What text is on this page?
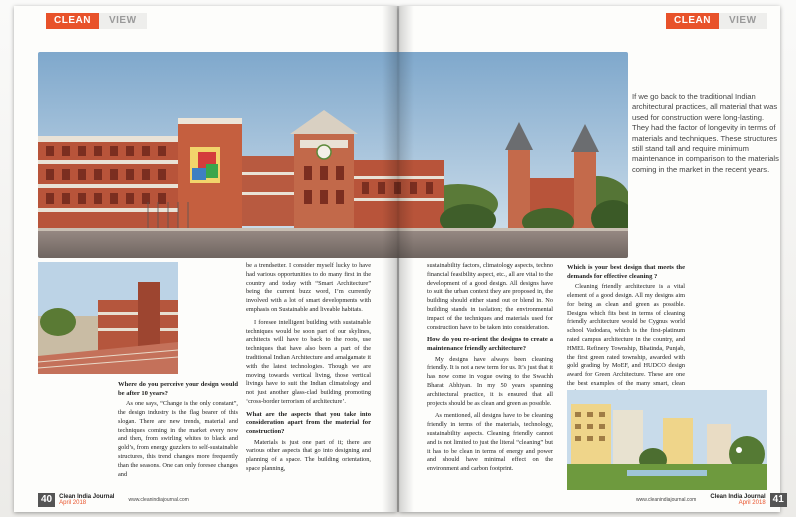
CLEAN	VIEW	CLEAN	VIEW
If we go back to the traditional Indian architectural practices, all material that was used for construction were long-lasting. They had the factor of longevity in terms of materials and techniques. These structures still stand tall and require minimum maintenance in comparison to the materials coming in the market in the recent years.
Where do you perceive your design would be after 10 years?

As one says, “Change is the only constant”, the design industry is the flag bearer of this slogan. There are new trends, material and techniques coming in the market every now and then, from swirling whites to black and gold’s, from energy guzzlers to self-sustainable structures, this trend changes more frequently than the seasons. One can only foresee changes and

be a trendsetter. I consider myself lucky to have had various opportunities to do many first in the country and today with “Smart Architecture” being the current buzz word, I’m currently involved with a lot of smart developments with emphasis on Sustainable and liveable habitats.

I foresee intelligent building with sustainable techniques would be soon part of our skylines, architects will have to back to the roots, use techniques that have also been a part of the traditional Indian Architecture and amalgamate it with the latest technologies. Though we are moving towards vertical living, those vertical livings have to suit the Indian climatology and not just another glass-clad building promoting ‘cross-border terrorism of architecture’.

What are the aspects that you take into consideration apart from the material for construction?

Materials is just one part of it; there are various other aspects that go into designing and planning of a space. The building orientation, space planning,

sustainability factors, climatology aspects, techno financial feasibility aspect, etc., all are vital to the development of a good design. All designs have to suit the urban context they are proposed in, the building should either stand out or blend in. No building stands in isolation; the environmental impact of the techniques and materials used for construction have to be taken into consideration.

How do you re-orient the designs to create a maintenance friendly architecture?

My designs have always been cleaning friendly. It is not a new term for us. It’s just that it has now come in vogue owing to the Swachh Bharat Abhiyan. In my 50 years spanning architectural practice, it is ensured that all projects should be as clean and green as possible.

As mentioned, all designs have to be cleaning friendly in terms of the materials, technology, sustainability aspects. Cleaning friendly cannot and is not limited to just the literal “cleaning” but it has to be clean in terms of energy and power and should have minimal effect on the environment and carbon footprint.

Which is your best design that meets the demands for effective cleaning ?

Cleaning friendly architecture is a vital element of a good design. All my designs aim for being as clean and green as possible. Designs which fits best in terms of cleaning friendly architecture would be Cygnus world school Vadodara, which is the first-platinum rated campus architecture in the country, and HMEL Refinery Township, Bhatinda, Punjab, the first green rated township, awarded with gold grading by MoEF, and HUDCO design award for Green Architecture. These are one the best examples of the many smart, clean

40	Clean India Journal
April 2018	www.cleanindiajournal.com	www.cleanindiajournal.com
Clean India Journal
April 2018 41
